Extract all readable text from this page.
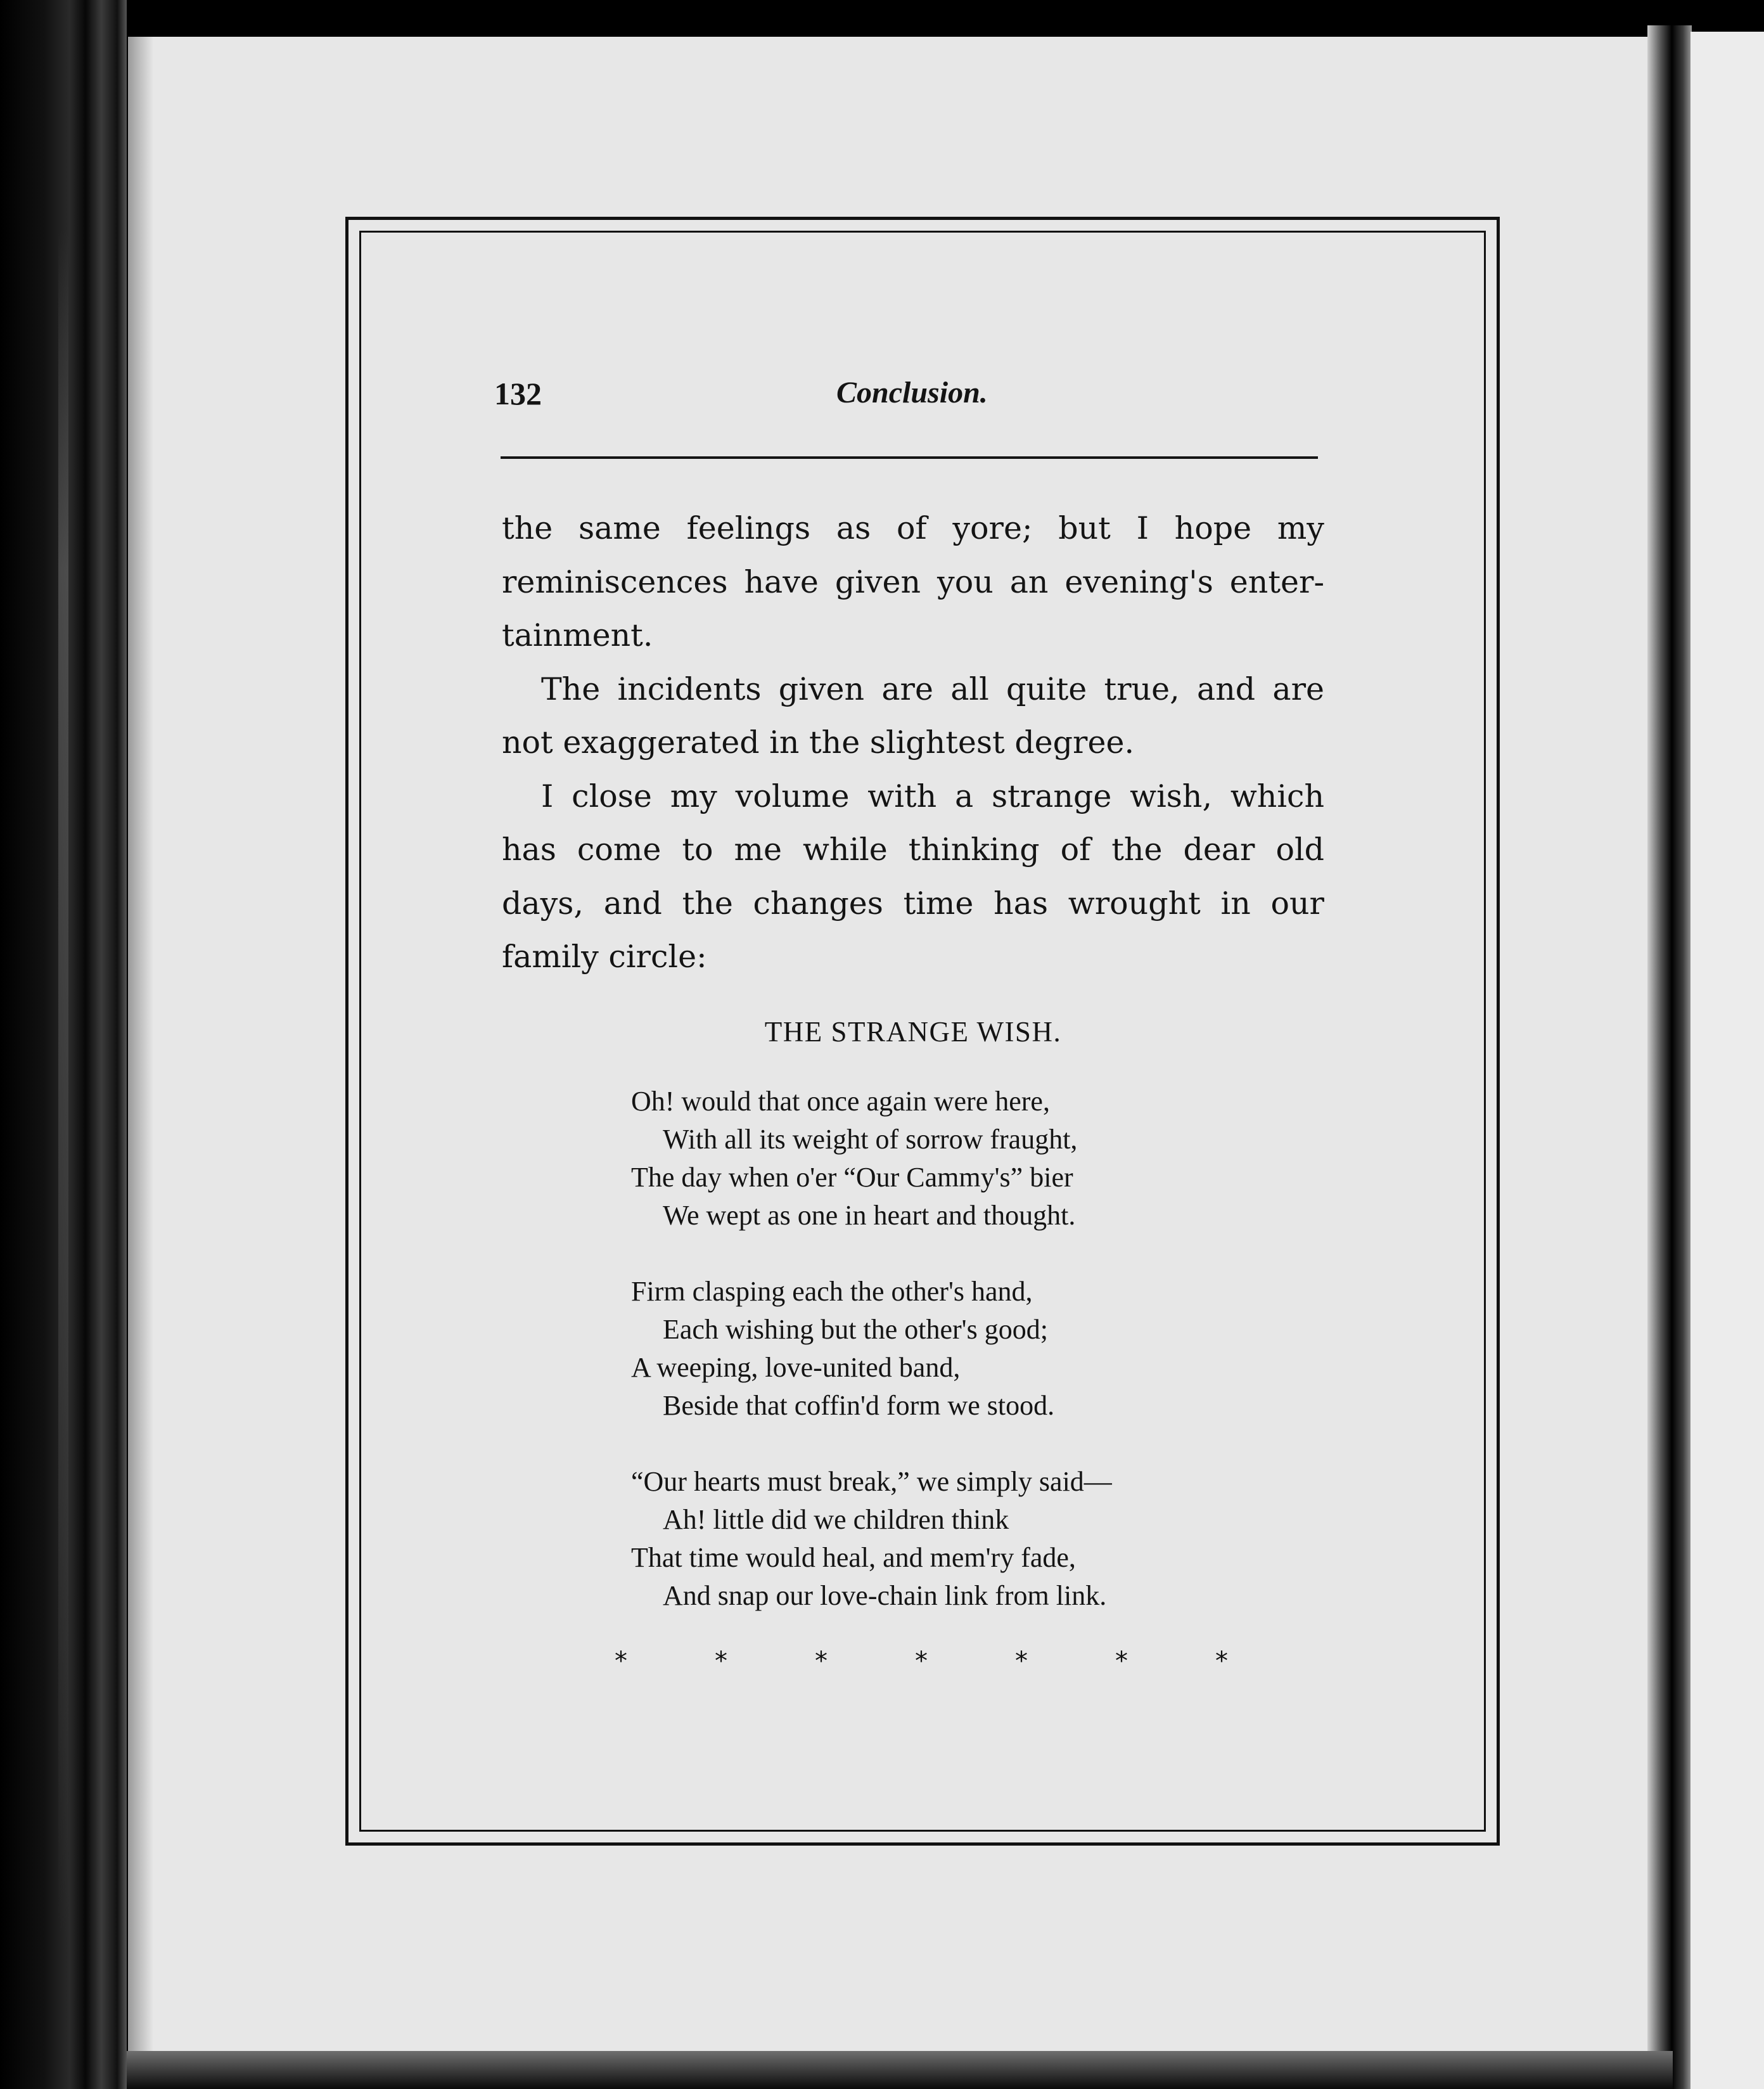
132	Conclusion.

the same feelings as of yore; but I hope my
reminiscences have given you an evening's enter-
tainment.

The incidents given are all quite true, and are
not exaggerated in the slightest degree.

I close my volume with a strange wish, which
has come to me while thinking of the dear old
days, and the changes time has wrought in our
family circle:

THE STRANGE WISH.
Oh! would that once again were here,
With all its weight of sorrow fraught,
The day when o'er “Our Cammy's” bier
We wept as one in heart and thought.
Firm clasping each the other's hand,
Each wishing but the other's good;
A weeping, love-united band,
Beside that coffin'd form we stood.
“Our hearts must break,” we simply said—
Ah! little did we children think
That time would heal, and mem'ry fade,
And snap our love-chain link from link.
*	*	*	*	*	*	*
